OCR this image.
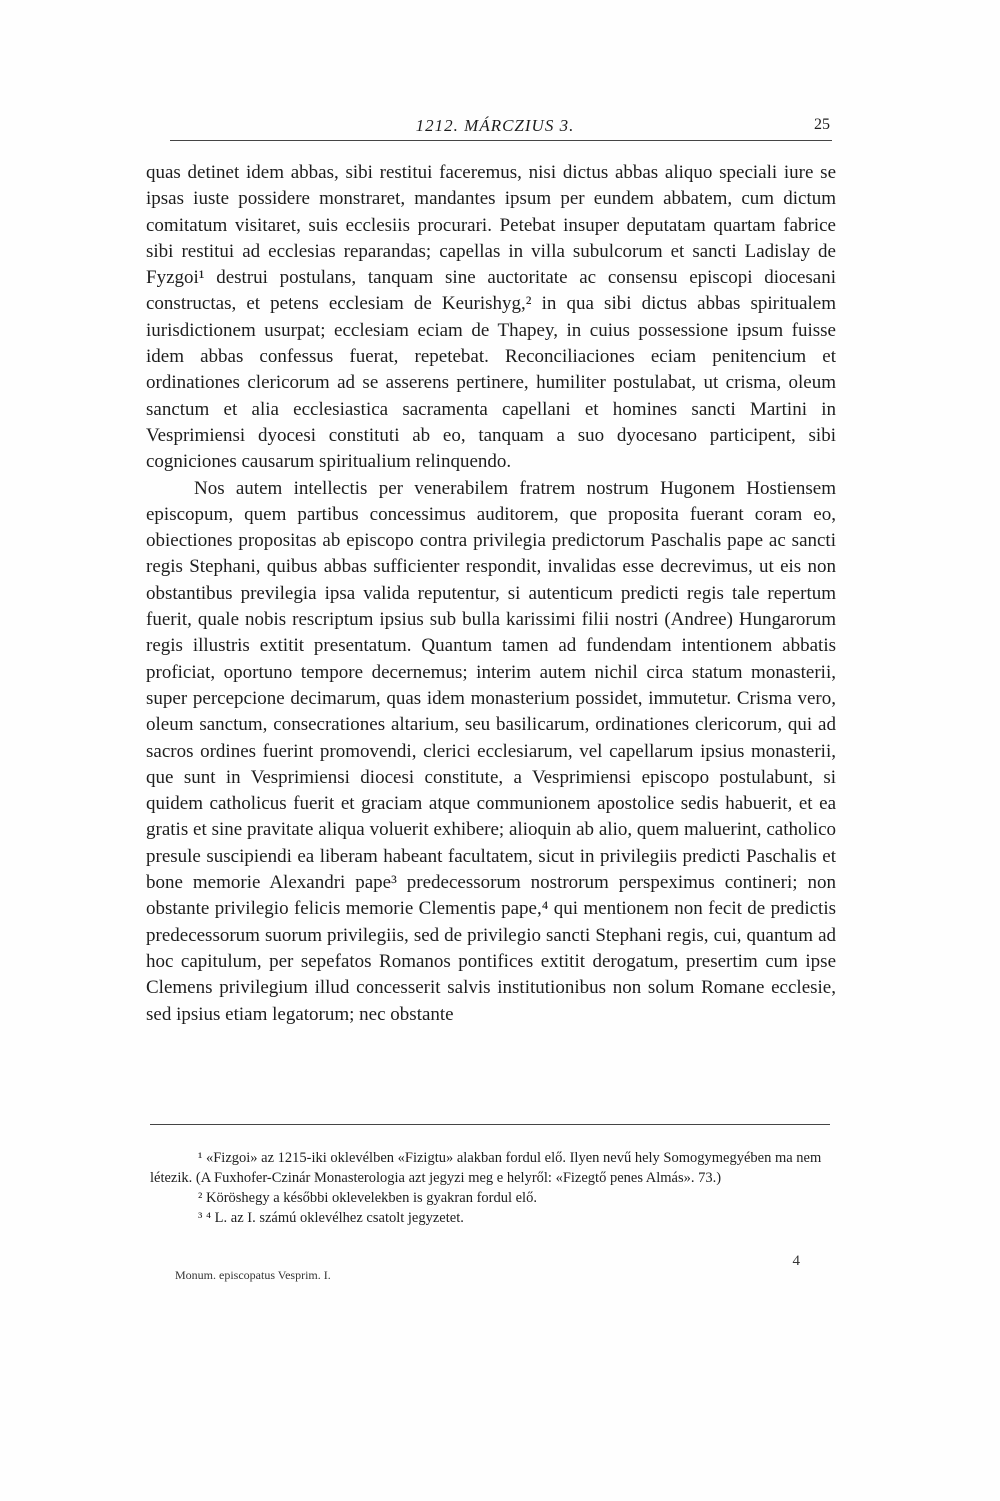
1212. MÁRCZIUS 3.	25

quas detinet idem abbas, sibi restitui faceremus, nisi dictus abbas aliquo speciali iure se ipsas iuste possidere monstraret, mandantes ipsum per eundem abbatem, cum dictum comitatum visitaret, suis ecclesiis procurari. Petebat insuper deputatam quartam fabrice sibi restitui ad ecclesias reparandas; capellas in villa subulcorum et sancti Ladislay de Fyzgoi¹ destrui postulans, tanquam sine auctoritate ac consensu episcopi diocesani constructas, et petens ecclesiam de Keurishyg,² in qua sibi dictus abbas spiritualem iurisdictionem usurpat; ecclesiam eciam de Thapey, in cuius possessione ipsum fuisse idem abbas confessus fuerat, repetebat. Reconciliaciones eciam penitencium et ordinationes clericorum ad se asserens pertinere, humiliter postulabat, ut crisma, oleum sanctum et alia ecclesiastica sacramenta capellani et homines sancti Martini in Vesprimiensi dyocesi constituti ab eo, tanquam a suo dyocesano participent, sibi cogniciones causarum spiritualium relinquendo.

Nos autem intellectis per venerabilem fratrem nostrum Hugonem Hostiensem episcopum, quem partibus concessimus auditorem, que proposita fuerant coram eo, obiectiones propositas ab episcopo contra privilegia predictorum Paschalis pape ac sancti regis Stephani, quibus abbas sufficienter respondit, invalidas esse decrevimus, ut eis non obstantibus previlegia ipsa valida reputentur, si autenticum predicti regis tale repertum fuerit, quale nobis rescriptum ipsius sub bulla karissimi filii nostri (Andree) Hungarorum regis illustris extitit presentatum. Quantum tamen ad fundendam intentionem abbatis proficiat, oportuno tempore decernemus; interim autem nichil circa statum monasterii, super percepcione decimarum, quas idem monasterium possidet, immutetur. Crisma vero, oleum sanctum, consecrationes altarium, seu basilicarum, ordinationes clericorum, qui ad sacros ordines fuerint promovendi, clerici ecclesiarum, vel capellarum ipsius monasterii, que sunt in Vesprimiensi diocesi constitute, a Vesprimiensi episcopo postulabunt, si quidem catholicus fuerit et graciam atque communionem apostolice sedis habuerit, et ea gratis et sine pravitate aliqua voluerit exhibere; alioquin ab alio, quem maluerint, catholico presule suscipiendi ea liberam habeant facultatem, sicut in privilegiis predicti Paschalis et bone memorie Alexandri pape³ predecessorum nostrorum perspeximus contineri; non obstante privilegio felicis memorie Clementis pape,⁴ qui mentionem non fecit de predictis predecessorum suorum privilegiis, sed de privilegio sancti Stephani regis, cui, quantum ad hoc capitulum, per sepefatos Romanos pontifices extitit derogatum, presertim cum ipse Clemens privilegium illud concesserit salvis institutionibus non solum Romane ecclesie, sed ipsius etiam legatorum; nec obstante

¹ «Fizgoi» az 1215-iki oklevélben «Fizigtu» alakban fordul elő. Ilyen nevű hely Somogymegyében ma nem létezik. (A Fuxhofer-Czinár Monasterologia azt jegyzi meg e helyről: «Fizegtő penes Almás». 73.)

² Köröshegy a későbbi oklevelekben is gyakran fordul elő.

³ ⁴ L. az I. számú oklevélhez csatolt jegyzetet.

4
Monum. episcopatus Vesprim. I.
